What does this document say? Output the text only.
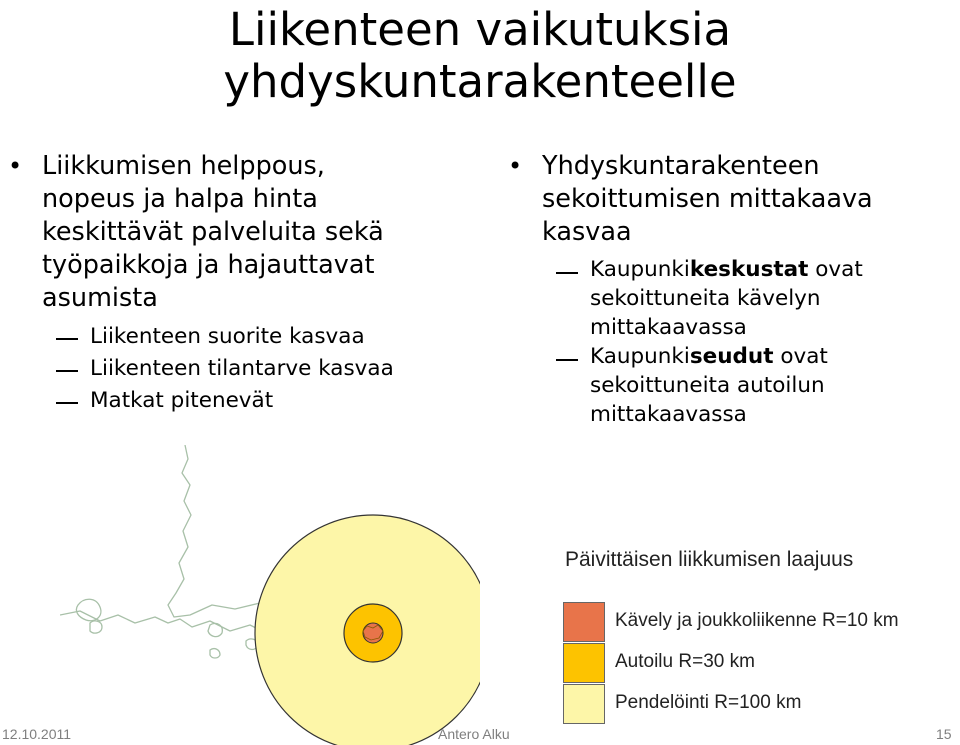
Liikenteen vaikutuksia
yhdyskuntarakenteelle
• Liikkumisen helppous,
nopeus ja halpa hinta
keskittävät palveluita sekä
työpaikkoja ja hajauttavat
asumista
Liikenteen suorite kasvaa
Liikenteen tilantarve kasvaa
Matkat pitenevät
• Yhdyskuntarakenteen
sekoittumisen mittakaava
kasvaa
Kaupunkikeskustat ovat
sekoittuneita kävelyn
mittakaavassa
Kaupunkiseudut ovat
sekoittuneita autoilun
mittakaavassa
Päivittäisen liikkumisen laajuus
Kävely ja joukkoliikenne R=10 km
Autoilu R=30 km
Pendelöinti R=100 km
12.10.2011	Antero Alku	15
